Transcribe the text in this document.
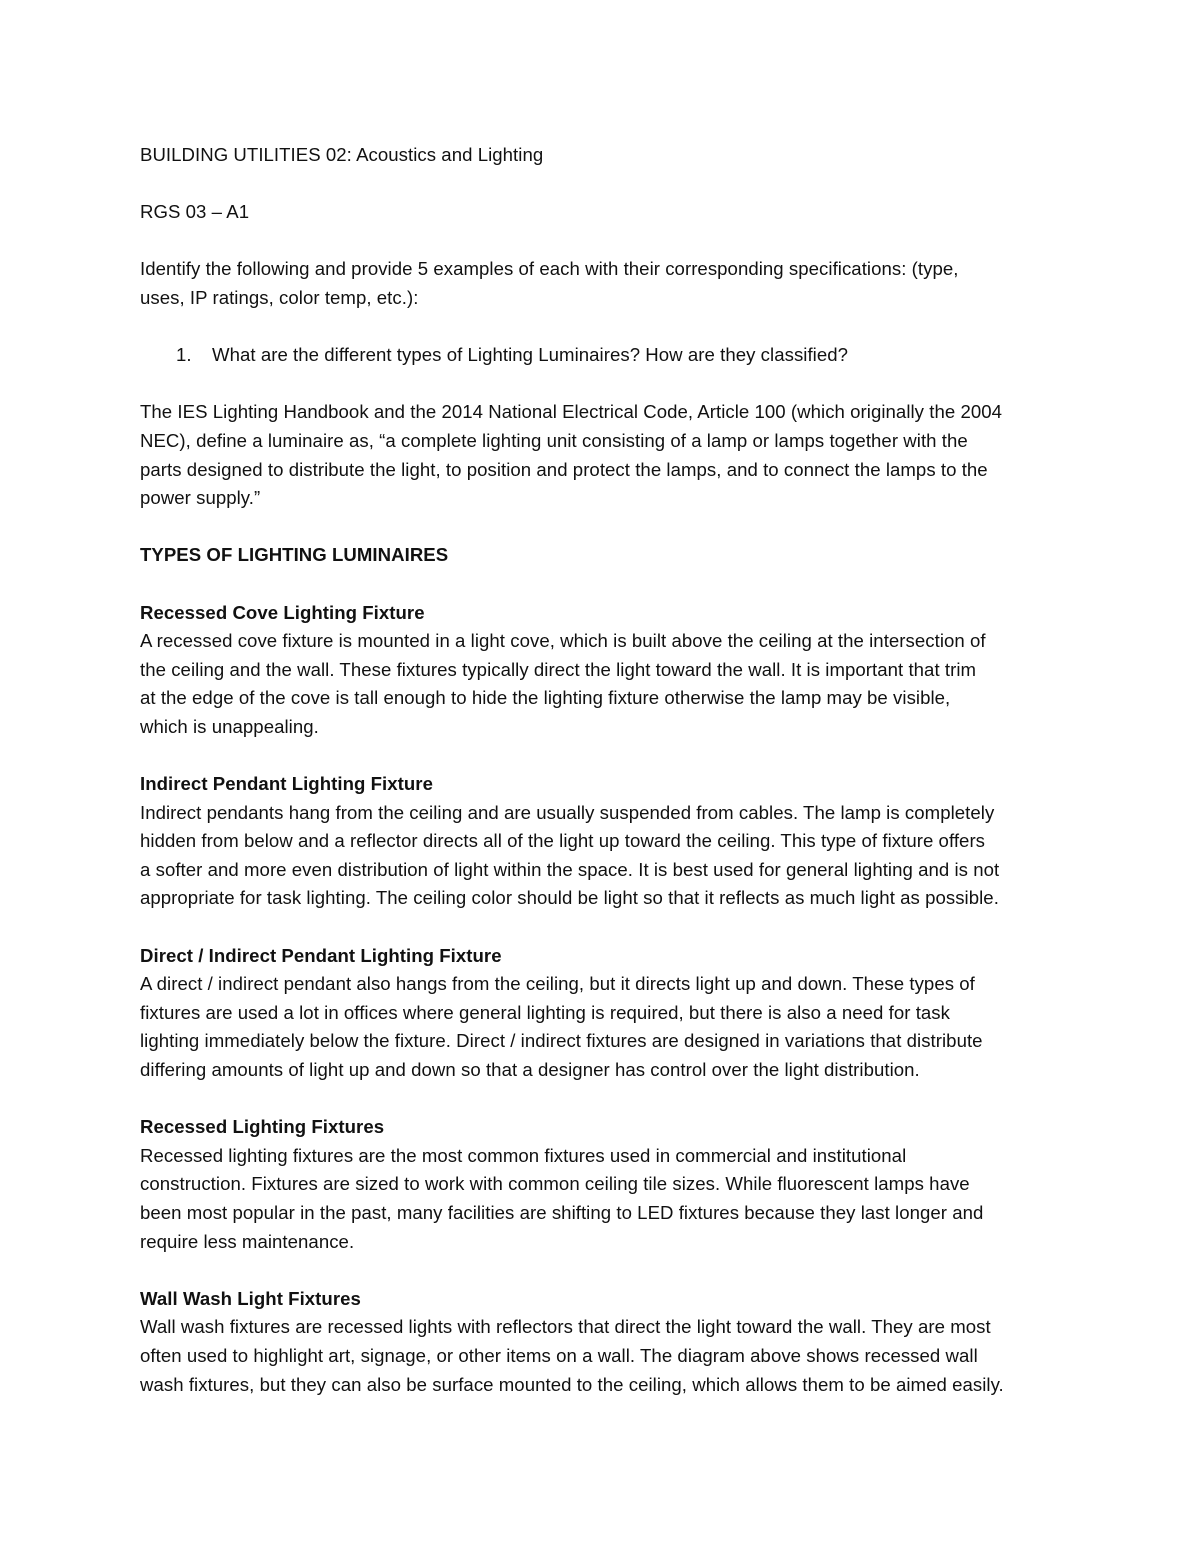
BUILDING UTILITIES 02: Acoustics and Lighting

RGS 03 – A1

Identify the following and provide 5 examples of each with their corresponding specifications: (type,

uses, IP ratings, color temp, etc.):

1.	What are the different types of Lighting Luminaires? How are they classified?

The IES Lighting Handbook and the 2014 National Electrical Code, Article 100 (which originally the 2004

NEC), define a luminaire as, “a complete lighting unit consisting of a lamp or lamps together with the

parts designed to distribute the light, to position and protect the lamps, and to connect the lamps to the

power supply.”

TYPES OF LIGHTING LUMINAIRES

Recessed Cove Lighting Fixture

A recessed cove fixture is mounted in a light cove, which is built above the ceiling at the intersection of

the ceiling and the wall. These fixtures typically direct the light toward the wall. It is important that trim

at the edge of the cove is tall enough to hide the lighting fixture otherwise the lamp may be visible,

which is unappealing.

Indirect Pendant Lighting Fixture

Indirect pendants hang from the ceiling and are usually suspended from cables. The lamp is completely

hidden from below and a reflector directs all of the light up toward the ceiling. This type of fixture offers

a softer and more even distribution of light within the space. It is best used for general lighting and is not

appropriate for task lighting. The ceiling color should be light so that it reflects as much light as possible.

Direct / Indirect Pendant Lighting Fixture

A direct / indirect pendant also hangs from the ceiling, but it directs light up and down. These types of

fixtures are used a lot in offices where general lighting is required, but there is also a need for task

lighting immediately below the fixture. Direct / indirect fixtures are designed in variations that distribute

differing amounts of light up and down so that a designer has control over the light distribution.

Recessed Lighting Fixtures

Recessed lighting fixtures are the most common fixtures used in commercial and institutional

construction. Fixtures are sized to work with common ceiling tile sizes. While fluorescent lamps have

been most popular in the past, many facilities are shifting to LED fixtures because they last longer and

require less maintenance.

Wall Wash Light Fixtures

Wall wash fixtures are recessed lights with reflectors that direct the light toward the wall. They are most

often used to highlight art, signage, or other items on a wall. The diagram above shows recessed wall

wash fixtures, but they can also be surface mounted to the ceiling, which allows them to be aimed easily.
